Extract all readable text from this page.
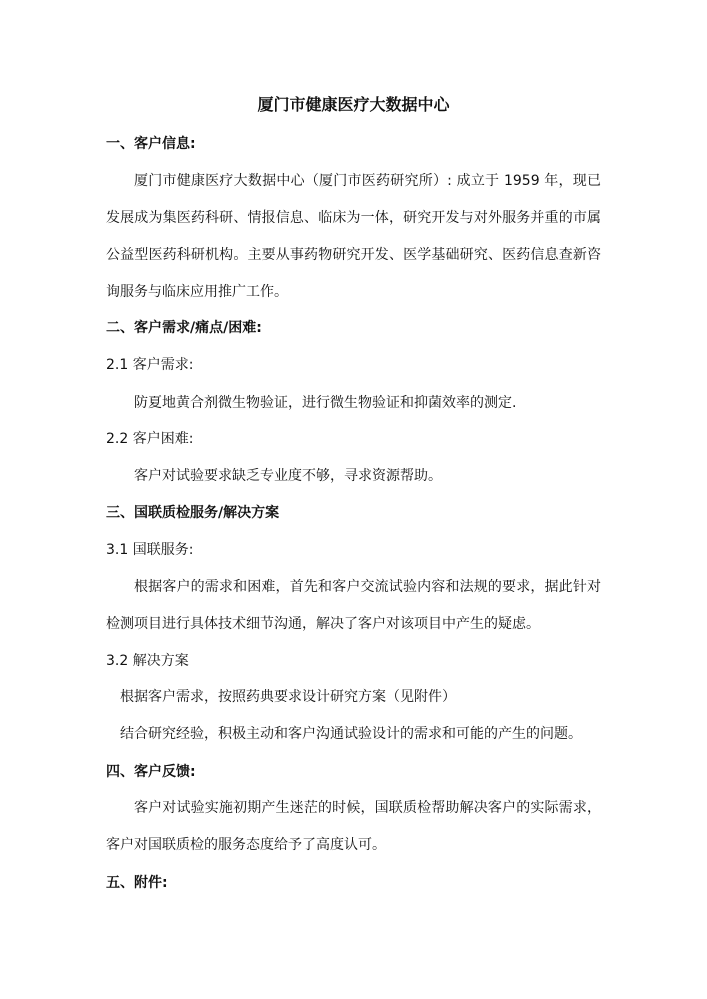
厦门市健康医疗大数据中心
一、客户信息:
厦门市健康医疗大数据中心（厦门市医药研究所）: 成立于 1959 年，现已
发展成为集医药科研、情报信息、临床为一体，研究开发与对外服务并重的市属
公益型医药科研机构。主要从事药物研究开发、医学基础研究、医药信息查新咨
询服务与临床应用推广工作。
二、客户需求/痛点/困难:
2.1 客户需求:
防夏地黄合剂微生物验证，进行微生物验证和抑菌效率的测定.
2.2 客户困难:
客户对试验要求缺乏专业度不够，寻求资源帮助。
三、国联质检服务/解决方案
3.1 国联服务:
根据客户的需求和困难，首先和客户交流试验内容和法规的要求，据此针对
检测项目进行具体技术细节沟通，解决了客户对该项目中产生的疑虑。
3.2 解决方案
根据客户需求，按照药典要求设计研究方案（见附件）
结合研究经验，积极主动和客户沟通试验设计的需求和可能的产生的问题。
四、客户反馈:
客户对试验实施初期产生迷茫的时候，国联质检帮助解决客户的实际需求，
客户对国联质检的服务态度给予了高度认可。
五、附件:
